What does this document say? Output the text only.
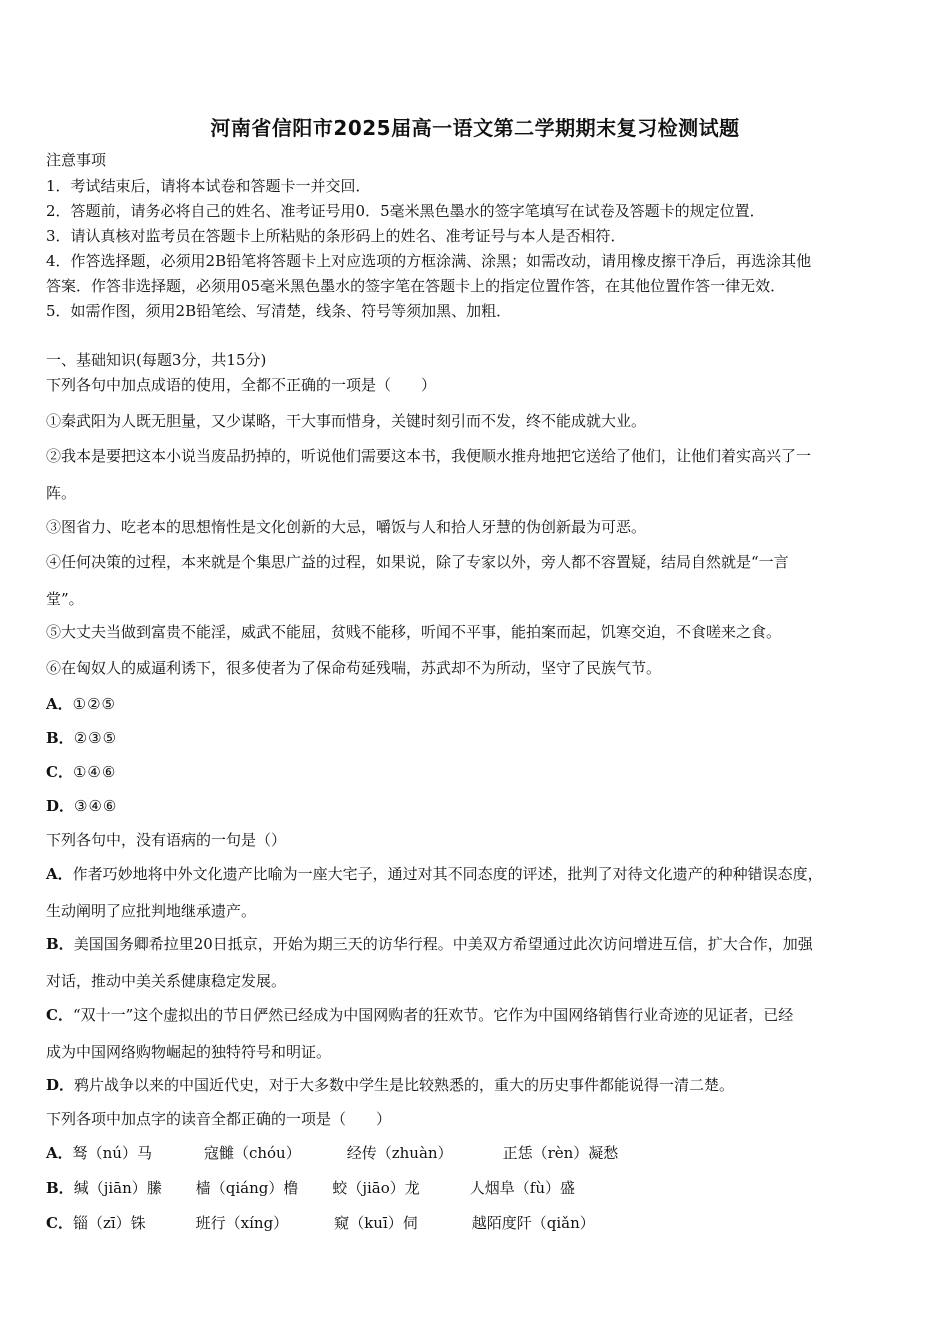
河南省信阳市2025届高一语文第二学期期末复习检测试题
注意事项
1．考试结束后，请将本试卷和答题卡一并交回．
2．答题前，请务必将自己的姓名、准考证号用0．5毫米黑色墨水的签字笔填写在试卷及答题卡的规定位置．
3．请认真核对监考员在答题卡上所粘贴的条形码上的姓名、准考证号与本人是否相符．
4．作答选择题，必须用2B铅笔将答题卡上对应选项的方框涂满、涂黑；如需改动，请用橡皮擦干净后，再选涂其他
答案．作答非选择题，必须用05毫米黑色墨水的签字笔在答题卡上的指定位置作答，在其他位置作答一律无效．
5．如需作图，须用2B铅笔绘、写清楚，线条、符号等须加黑、加粗．
一、基础知识(每题3分，共15分)
下列各句中加点成语的使用，全都不正确的一项是（　　）
①秦武阳为人既无胆量，又少谋略，干大事而惜身，关键时刻引而不发，终不能成就大业。
②我本是要把这本小说当废品扔掉的，听说他们需要这本书，我便顺水推舟地把它送给了他们，让他们着实高兴了一
阵。
③图省力、吃老本的思想惰性是文化创新的大忌，嚼饭与人和拾人牙慧的伪创新最为可恶。
④任何决策的过程，本来就是个集思广益的过程，如果说，除了专家以外，旁人都不容置疑，结局自然就是“一言
堂”。
⑤大丈夫当做到富贵不能淫，威武不能屈，贫贱不能移，听闻不平事，能拍案而起，饥寒交迫，不食嗟来之食。
⑥在匈奴人的威逼利诱下，很多使者为了保命苟延残喘，苏武却不为所动，坚守了民族气节。
A．①②⑤
B．②③⑤
C．①④⑥
D．③④⑥
下列各句中，没有语病的一句是（）
A．作者巧妙地将中外文化遗产比喻为一座大宅子，通过对其不同态度的评述，批判了对待文化遗产的种种错误态度，
生动阐明了应批判地继承遗产。
B．美国国务卿希拉里20日抵京，开始为期三天的访华行程。中美双方希望通过此次访问增进互信，扩大合作，加强
对话，推动中美关系健康稳定发展。
C．“双十一”这个虚拟出的节日俨然已经成为中国网购者的狂欢节。它作为中国网络销售行业奇迹的见证者，已经
成为中国网络购物崛起的独特符号和明证。
D．鸦片战争以来的中国近代史，对于大多数中学生是比较熟悉的，重大的历史事件都能说得一清二楚。
下列各项中加点字的读音全都正确的一项是（　　）
A．驽（nú）马	寇雠（chóu）	经传（zhuàn）	正恁（rèn）凝愁
B．缄（jiān）縢 樯（qiáng）橹 蛟（jiāo）龙	人烟阜（fù）盛
C．锱（zī）铢	班行（xíng）	窥（kuī）伺	越陌度阡（qiǎn）
